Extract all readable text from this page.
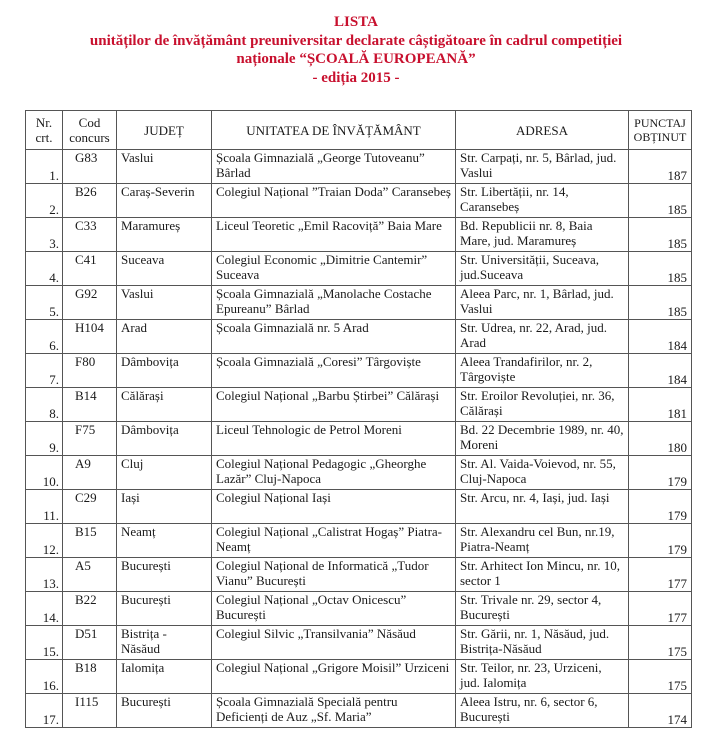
LISTA
unităților de învățământ preuniversitar declarate câștigătoare în cadrul competiției
naționale “ȘCOALĂ EUROPEANĂ”
- ediția 2015 -
Nr. crt.	Cod concurs	JUDEȚ	UNITATEA DE ÎNVĂȚĂMÂNT	ADRESA	PUNCTAJ OBȚINUT
1.	G83	Vaslui	Școala Gimnazială „George Tutoveanu” Bârlad	Str. Carpați, nr. 5, Bârlad, jud. Vaslui	187
2.	B26	Caraș-Severin	Colegiul Național ”Traian Doda” Caransebeș	Str. Libertății, nr. 14, Caransebeș	185
3.	C33	Maramureș	Liceul Teoretic „Emil Racoviță” Baia Mare	Bd. Republicii nr. 8, Baia Mare, jud. Maramureș	185
4.	C41	Suceava	Colegiul Economic „Dimitrie Cantemir” Suceava	Str. Universității, Suceava, jud.Suceava	185
5.	G92	Vaslui	Școala Gimnazială „Manolache Costache Epureanu” Bârlad	Aleea Parc, nr. 1, Bârlad, jud. Vaslui	185
6.	H104	Arad	Școala Gimnazială nr. 5 Arad	Str. Udrea, nr. 22, Arad, jud. Arad	184
7.	F80	Dâmbovița	Școala Gimnazială „Coresi” Târgoviște	Aleea Trandafirilor, nr. 2, Târgoviște	184
8.	B14	Călărași	Colegiul Național „Barbu Știrbei” Călărași	Str. Eroilor Revoluției, nr. 36, Călărași	181
9.	F75	Dâmbovița	Liceul Tehnologic de Petrol Moreni	Bd. 22 Decembrie 1989, nr. 40, Moreni	180
10.	A9	Cluj	Colegiul Național Pedagogic „Gheorghe Lazăr” Cluj-Napoca	Str. Al. Vaida-Voievod, nr. 55, Cluj-Napoca	179
11.	C29	Iași	Colegiul Național Iași	Str. Arcu, nr. 4, Iași, jud. Iași	179
12.	B15	Neamț	Colegiul Național „Calistrat Hogaș” Piatra-Neamț	Str. Alexandru cel Bun, nr.19, Piatra-Neamț	179
13.	A5	București	Colegiul Național de Informatică „Tudor Vianu” București	Str. Arhitect Ion Mincu, nr. 10, sector 1	177
14.	B22	București	Colegiul Național „Octav Onicescu” București	Str. Trivale nr. 29, sector 4, București	177
15.	D51	Bistrița - Năsăud	Colegiul Silvic „Transilvania” Năsăud	Str. Gării, nr. 1, Năsăud, jud. Bistrița-Năsăud	175
16.	B18	Ialomița	Colegiul Național „Grigore Moisil” Urziceni	Str. Teilor, nr. 23, Urziceni, jud. Ialomița	175
17.	I115	București	Școala Gimnazială Specială pentru Deficienți de Auz „Sf. Maria”	Aleea Istru, nr. 6, sector 6, București	174
